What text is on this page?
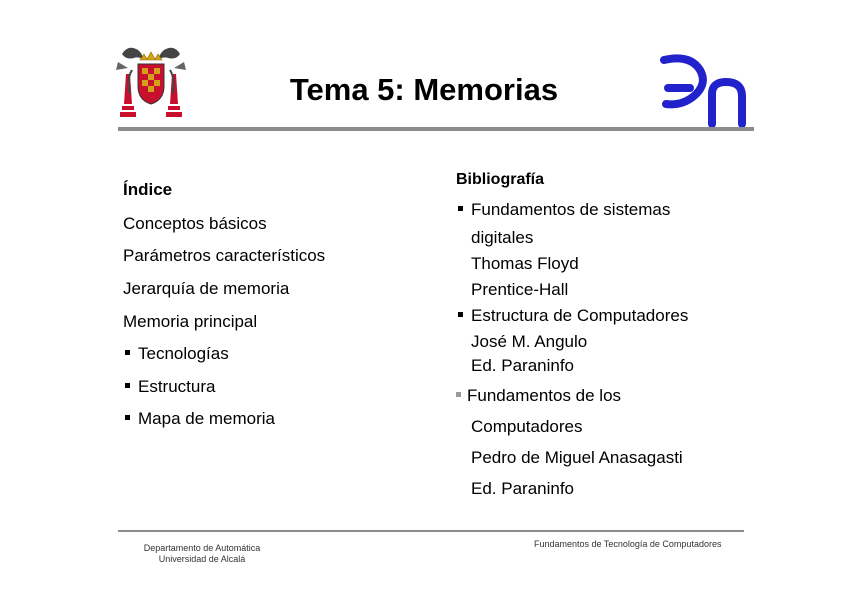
Tema 5: Memorias
Índice
Conceptos básicos
Parámetros característicos
Jerarquía de memoria
Memoria principal
Tecnologías
Estructura
Mapa de memoria
Bibliografía
Fundamentos de sistemas
digitales
Thomas Floyd
Prentice-Hall
Estructura de Computadores
José M. Angulo
Ed. Paraninfo
Fundamentos de los
Computadores
Pedro de Miguel Anasagasti
Ed. Paraninfo
Departamento de Automática
Universidad de Alcalá
Fundamentos de Tecnología de Computadores
